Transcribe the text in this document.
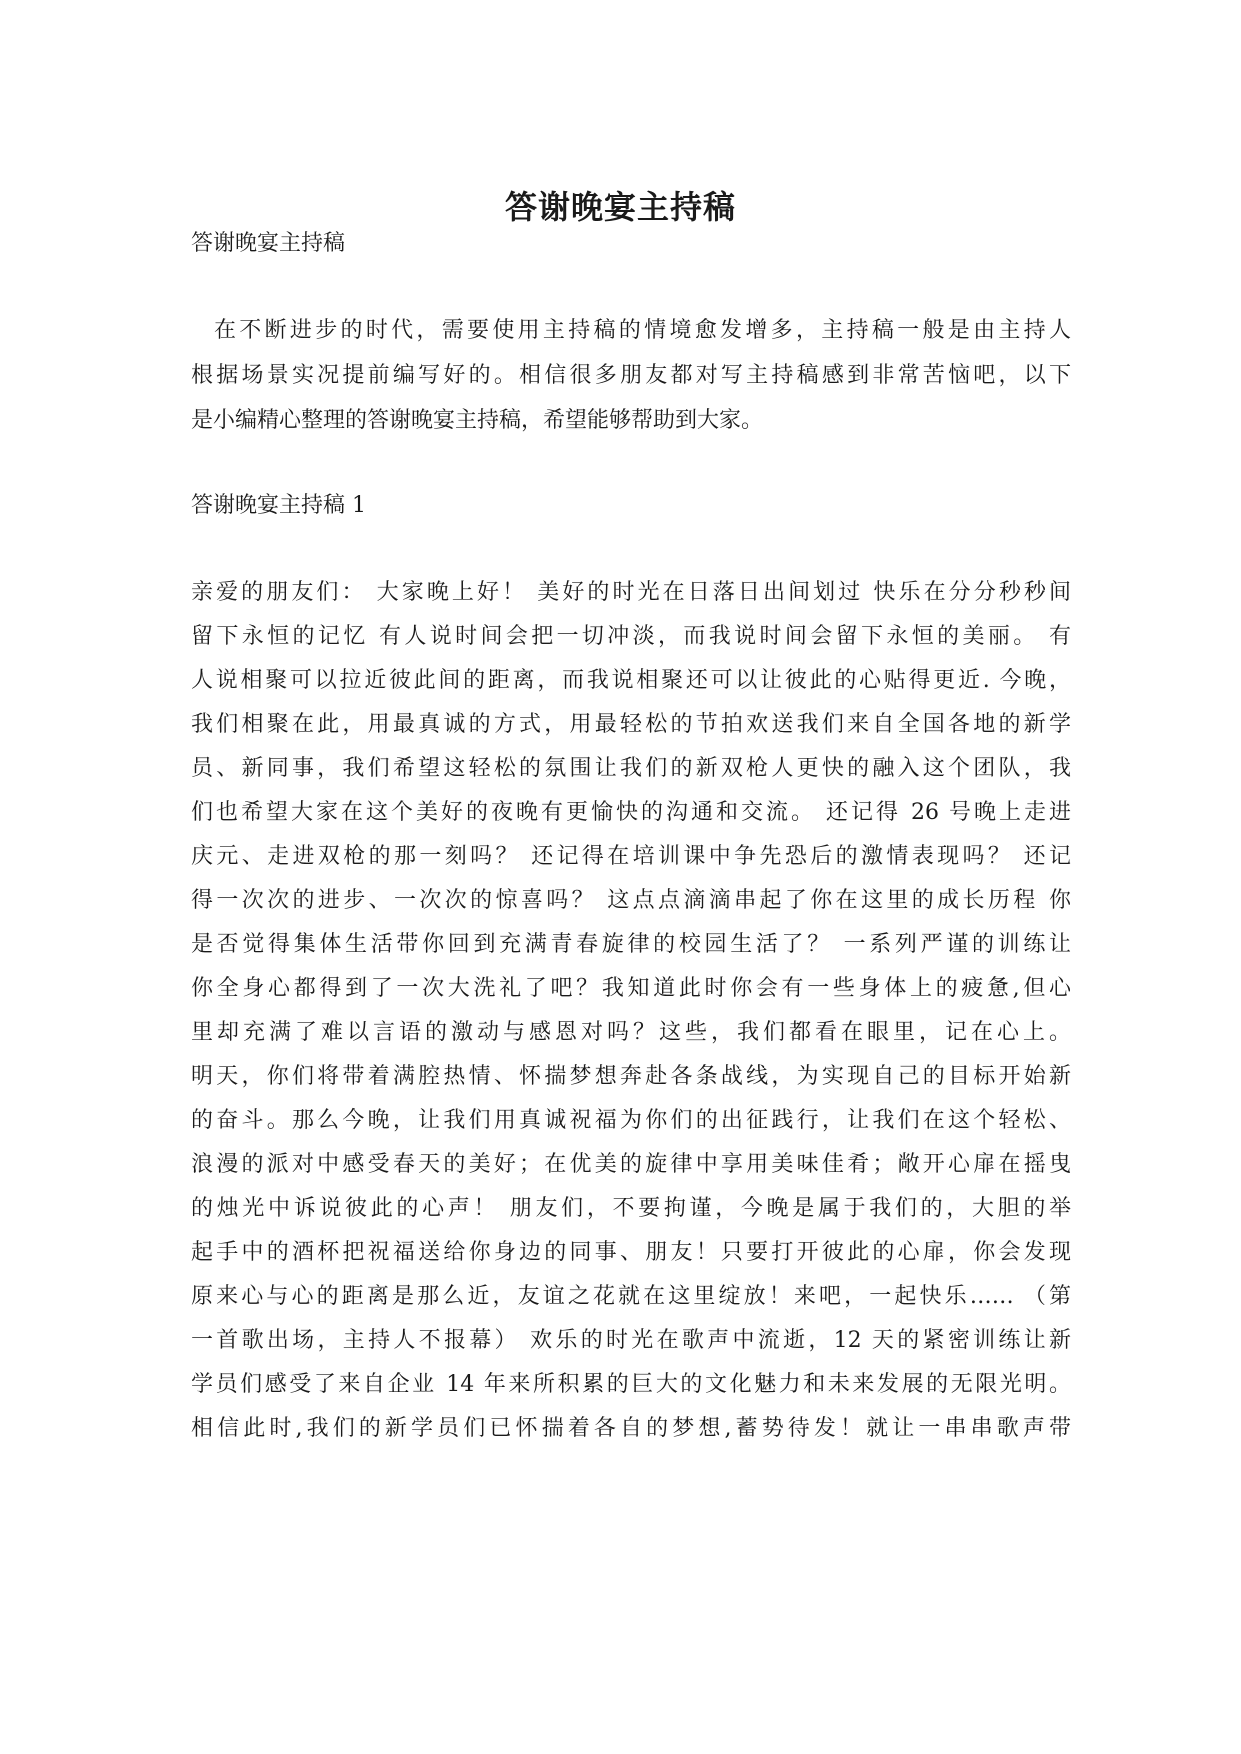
答谢晚宴主持稿

答谢晚宴主持稿

在不断进步的时代，需要使用主持稿的情境愈发增多，主持稿一般是由主持人

根据场景实况提前编写好的。相信很多朋友都对写主持稿感到非常苦恼吧，以下

是小编精心整理的答谢晚宴主持稿，希望能够帮助到大家。

答谢晚宴主持稿 1

亲爱的朋友们： 大家晚上好！ 美好的时光在日落日出间划过 快乐在分分秒秒间

留下永恒的记忆 有人说时间会把一切冲淡，而我说时间会留下永恒的美丽。 有

人说相聚可以拉近彼此间的距离，而我说相聚还可以让彼此的心贴得更近. 今晚，

我们相聚在此，用最真诚的方式，用最轻松的节拍欢送我们来自全国各地的新学

员、新同事，我们希望这轻松的氛围让我们的新双枪人更快的融入这个团队，我

们也希望大家在这个美好的夜晚有更愉快的沟通和交流。 还记得 26 号晚上走进

庆元、走进双枪的那一刻吗？ 还记得在培训课中争先恐后的激情表现吗？ 还记

得一次次的进步、一次次的惊喜吗？ 这点点滴滴串起了你在这里的成长历程 你

是否觉得集体生活带你回到充满青春旋律的校园生活了？ 一系列严谨的训练让

你全身心都得到了一次大洗礼了吧？我知道此时你会有一些身体上的疲惫,但心

里却充满了难以言语的激动与感恩对吗？这些，我们都看在眼里，记在心上。

明天，你们将带着满腔热情、怀揣梦想奔赴各条战线，为实现自己的目标开始新

的奋斗。那么今晚，让我们用真诚祝福为你们的出征践行，让我们在这个轻松、

浪漫的派对中感受春天的美好；在优美的旋律中享用美味佳肴；敞开心扉在摇曳

的烛光中诉说彼此的心声！ 朋友们，不要拘谨，今晚是属于我们的，大胆的举

起手中的酒杯把祝福送给你身边的同事、朋友！只要打开彼此的心扉，你会发现

原来心与心的距离是那么近，友谊之花就在这里绽放！来吧，一起快乐…… （第

一首歌出场，主持人不报幕） 欢乐的时光在歌声中流逝，12 天的紧密训练让新

学员们感受了来自企业 14 年来所积累的巨大的文化魅力和未来发展的无限光明。

相信此时,我们的新学员们已怀揣着各自的梦想,蓄势待发！就让一串串歌声带
